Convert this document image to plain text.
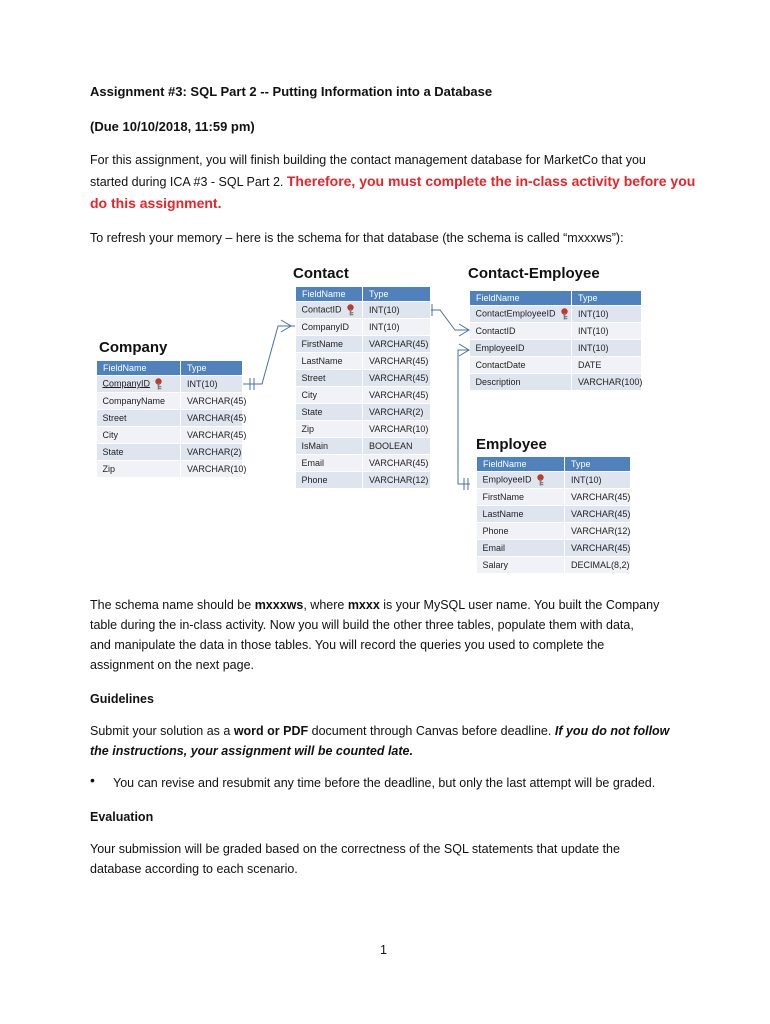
Assignment #3: SQL Part 2 -- Putting Information into a Database

(Due 10/10/2018, 11:59 pm)

For this assignment, you will finish building the contact management database for MarketCo that you

started during ICA #3 - SQL Part 2. Therefore, you must complete the in-class activity before you

do this assignment.

To refresh your memory – here is the schema for that database (the schema is called “mxxxws”):

Contact
FieldName	Type
ContactID	INT(10)
CompanyID	INT(10)
FirstName	VARCHAR(45)
LastName	VARCHAR(45)
Street	VARCHAR(45)
City	VARCHAR(45)
State	VARCHAR(2)
Zip	VARCHAR(10)
IsMain	BOOLEAN
Email	VARCHAR(45)
Phone	VARCHAR(12)
Contact-Employee
FieldName	Type
ContactEmployeeID	INT(10)
ContactID	INT(10)
EmployeeID	INT(10)
ContactDate	DATE
Description	VARCHAR(100)
Company
FieldName	Type
CompanyID	INT(10)
CompanyName	VARCHAR(45)
Street	VARCHAR(45)
City	VARCHAR(45)
State	VARCHAR(2)
Zip	VARCHAR(10)
Employee
FieldName	Type
EmployeeID	INT(10)
FirstName	VARCHAR(45)
LastName	VARCHAR(45)
Phone	VARCHAR(12)
Email	VARCHAR(45)
Salary	DECIMAL(8,2)

The schema name should be mxxxws, where mxxx is your MySQL user name. You built the Company

table during the in-class activity. Now you will build the other three tables, populate them with data,

and manipulate the data in those tables. You will record the queries you used to complete the

assignment on the next page.

Guidelines

Submit your solution as a word or PDF document through Canvas before deadline. If you do not follow

the instructions, your assignment will be counted late.

• You can revise and resubmit any time before the deadline, but only the last attempt will be graded.

Evaluation

Your submission will be graded based on the correctness of the SQL statements that update the

database according to each scenario.

1
